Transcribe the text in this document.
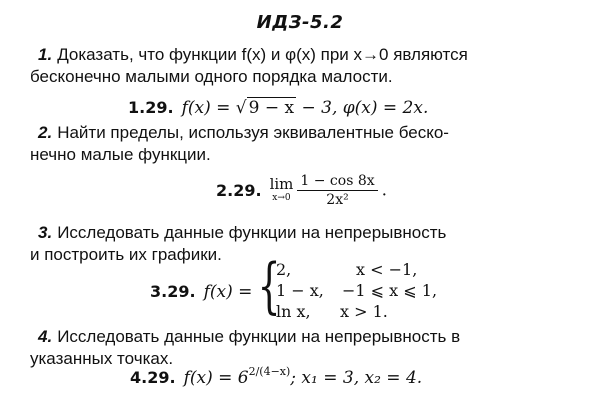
ИДЗ-5.2
1. Доказать, что функции f(x) и φ(x) при x→0 являются
бесконечно малыми одного порядка малости.
1.29. f(x) = √ 9 − x − 3, φ(x) = 2x.
2. Найти пределы, используя эквивалентные беско-
нечно малые функции.
2.29. lim
$x\to 0 \frac{1 - \cos 8x}{\text{2x²}}$ .
3. Исследовать данные функции на непрерывность
и построить их графики.
3.29. f(x) = {
2,	x < −1,
1 − x, −1 ⩽ x ⩽ 1,
ln x, x > 1.
4. Исследовать данные функции на непрерывность в
указанных точках.
4.29. $f(x) = 6^{2/(4-x)}$; x₁ = 3, x₂ = 4.
